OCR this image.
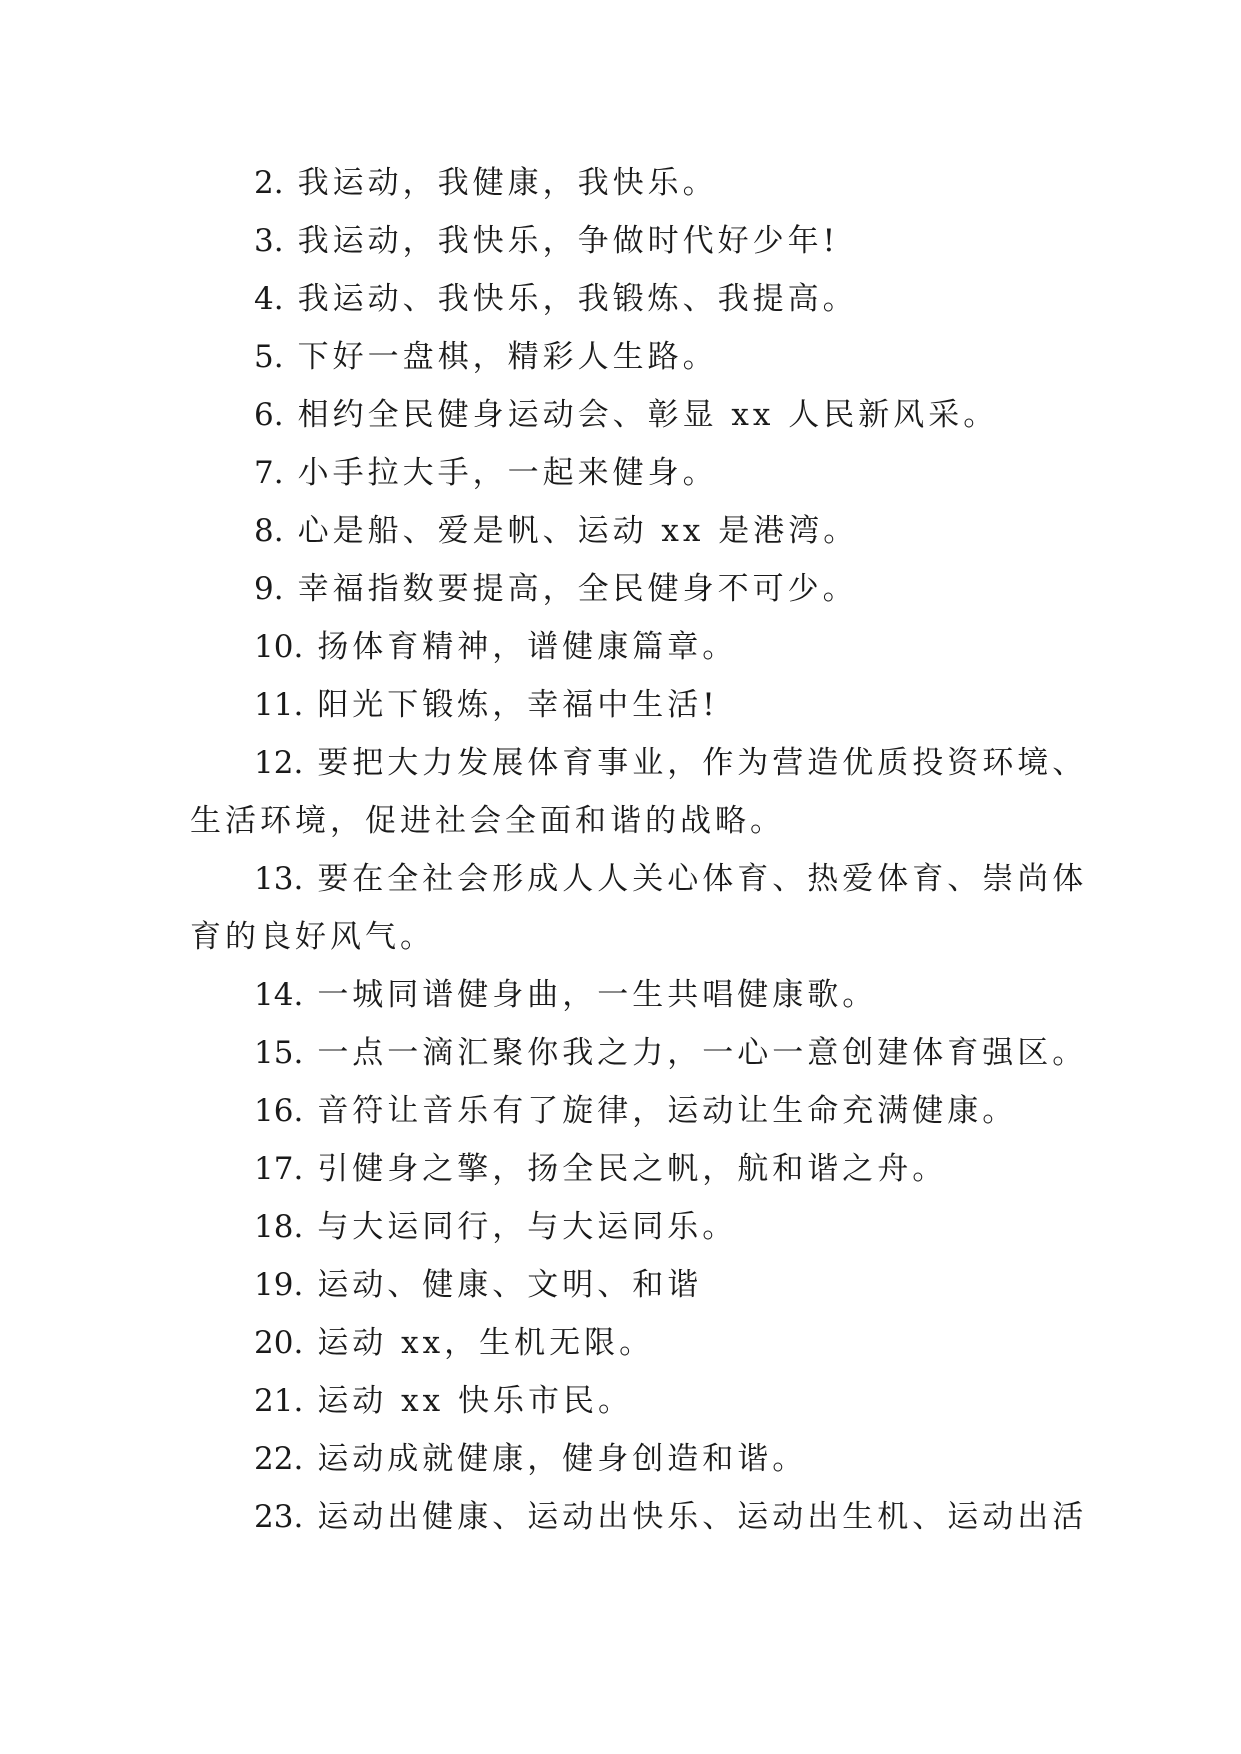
2. 我运动，我健康，我快乐。
3. 我运动，我快乐，争做时代好少年!
4. 我运动、我快乐，我锻炼、我提高。
5. 下好一盘棋，精彩人生路。
6. 相约全民健身运动会、彰显 xx 人民新风采。
7. 小手拉大手，一起来健身。
8. 心是船、爱是帆、运动 xx 是港湾。
9. 幸福指数要提高，全民健身不可少。
10. 扬体育精神，谱健康篇章。
11. 阳光下锻炼，幸福中生活!
12. 要把大力发展体育事业，作为营造优质投资环境、
生活环境，促进社会全面和谐的战略。
13. 要在全社会形成人人关心体育、热爱体育、崇尚体
育的良好风气。
14. 一城同谱健身曲，一生共唱健康歌。
15. 一点一滴汇聚你我之力，一心一意创建体育强区。
16. 音符让音乐有了旋律，运动让生命充满健康。
17. 引健身之擎，扬全民之帆，航和谐之舟。
18. 与大运同行，与大运同乐。
19. 运动、健康、文明、和谐
20. 运动 xx，生机无限。
21. 运动 xx 快乐市民。
22. 运动成就健康，健身创造和谐。
23. 运动出健康、运动出快乐、运动出生机、运动出活
